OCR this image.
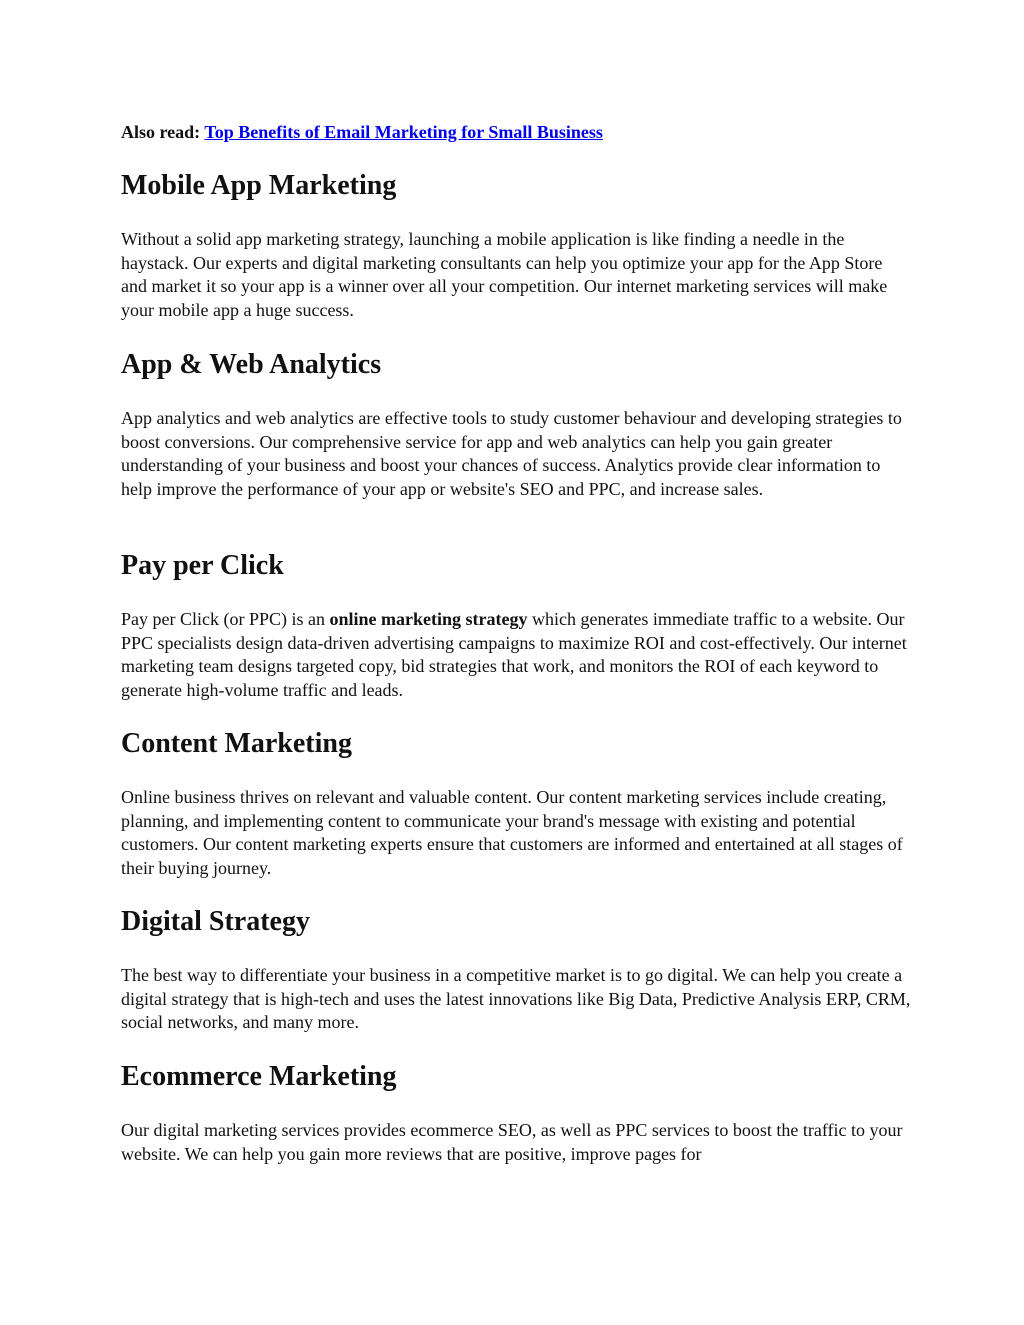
Also read: Top Benefits of Email Marketing for Small Business

Mobile App Marketing

Without a solid app marketing strategy, launching a mobile application is like finding a needle in the haystack. Our experts and digital marketing consultants can help you optimize your app for the App Store and market it so your app is a winner over all your competition. Our internet marketing services will make your mobile app a huge success.

App & Web Analytics

App analytics and web analytics are effective tools to study customer behaviour and developing strategies to boost conversions. Our comprehensive service for app and web analytics can help you gain greater understanding of your business and boost your chances of success. Analytics provide clear information to help improve the performance of your app or website's SEO and PPC, and increase sales.

Pay per Click

Pay per Click (or PPC) is an online marketing strategy which generates immediate traffic to a website. Our PPC specialists design data-driven advertising campaigns to maximize ROI and cost-effectively. Our internet marketing team designs targeted copy, bid strategies that work, and monitors the ROI of each keyword to generate high-volume traffic and leads.

Content Marketing

Online business thrives on relevant and valuable content. Our content marketing services include creating, planning, and implementing content to communicate your brand's message with existing and potential customers. Our content marketing experts ensure that customers are informed and entertained at all stages of their buying journey.

Digital Strategy

The best way to differentiate your business in a competitive market is to go digital. We can help you create a digital strategy that is high-tech and uses the latest innovations like Big Data, Predictive Analysis ERP, CRM, social networks, and many more.

Ecommerce Marketing

Our digital marketing services provides ecommerce SEO, as well as PPC services to boost the traffic to your website. We can help you gain more reviews that are positive, improve pages for
